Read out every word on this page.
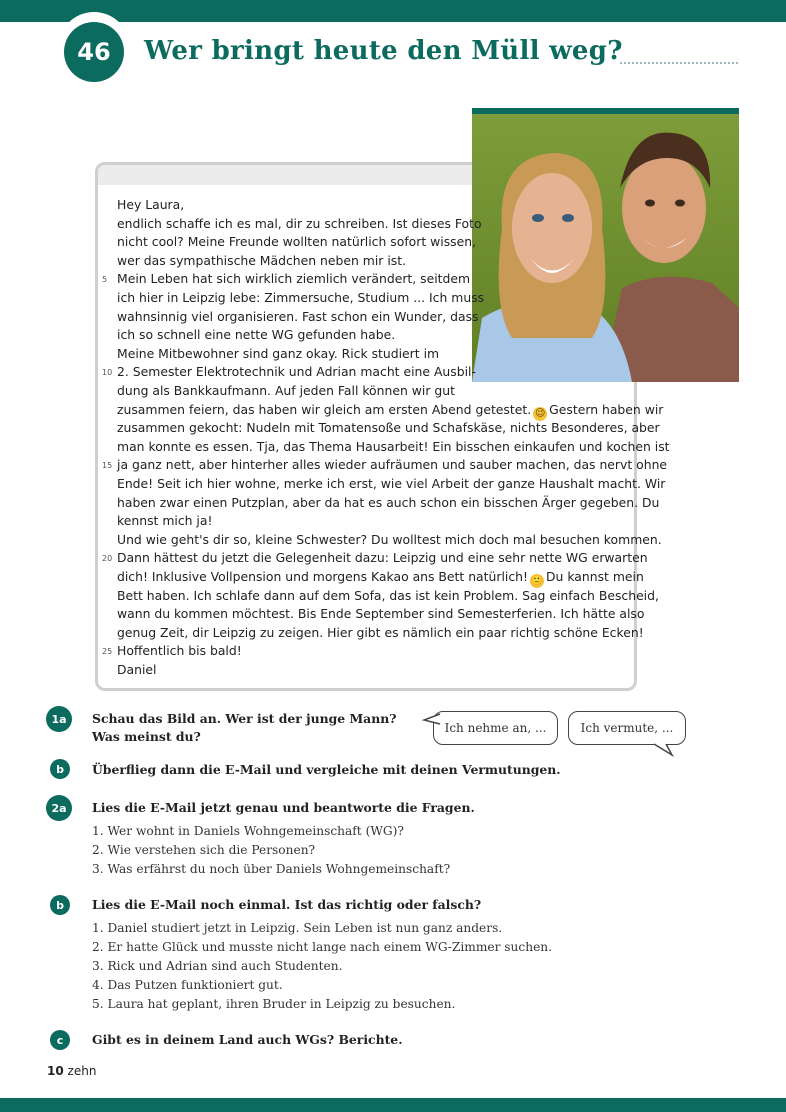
46	Wer bringt heute den Müll weg?
Hey Laura,
endlich schaffe ich es mal, dir zu schreiben. Ist dieses Foto
nicht cool? Meine Freunde wollten natürlich sofort wissen,
wer das sympathische Mädchen neben mir ist.
5 Mein Leben hat sich wirklich ziemlich verändert, seitdem
ich hier in Leipzig lebe: Zimmersuche, Studium ... Ich muss
wahnsinnig viel organisieren. Fast schon ein Wunder, dass
ich so schnell eine nette WG gefunden habe.
Meine Mitbewohner sind ganz okay. Rick studiert im
10 2. Semester Elektrotechnik und Adrian macht eine Ausbil-
dung als Bankkaufmann. Auf jeden Fall können wir gut
zusammen feiern, das haben wir gleich am ersten Abend getestet. 😉 Gestern haben wir
zusammen gekocht: Nudeln mit Tomatensoße und Schafskäse, nichts Besonderes, aber
man konnte es essen. Tja, das Thema Hausarbeit! Ein bisschen einkaufen und kochen ist
15 ja ganz nett, aber hinterher alles wieder aufräumen und sauber machen, das nervt ohne
Ende! Seit ich hier wohne, merke ich erst, wie viel Arbeit der ganze Haushalt macht. Wir
haben zwar einen Putzplan, aber da hat es auch schon ein bisschen Ärger gegeben. Du
kennst mich ja!
Und wie geht's dir so, kleine Schwester? Du wolltest mich doch mal besuchen kommen.
20 Dann hättest du jetzt die Gelegenheit dazu: Leipzig und eine sehr nette WG erwarten
dich! Inklusive Vollpension und morgens Kakao ans Bett natürlich! 🙂 Du kannst mein
Bett haben. Ich schlafe dann auf dem Sofa, das ist kein Problem. Sag einfach Bescheid,
wann du kommen möchtest. Bis Ende September sind Semesterferien. Ich hätte also
genug Zeit, dir Leipzig zu zeigen. Hier gibt es nämlich ein paar richtig schöne Ecken!
25 Hoffentlich bis bald!
Daniel
1a	Schau das Bild an. Wer ist der junge Mann?
Was meinst du?
Ich nehme an, ...	Ich vermute, ...
b	Überflieg dann die E-Mail und vergleiche mit deinen Vermutungen.
2a	Lies die E-Mail jetzt genau und beantworte die Fragen.
1. Wer wohnt in Daniels Wohngemeinschaft (WG)?
2. Wie verstehen sich die Personen?
3. Was erfährst du noch über Daniels Wohngemeinschaft?
b	Lies die E-Mail noch einmal. Ist das richtig oder falsch?
1. Daniel studiert jetzt in Leipzig. Sein Leben ist nun ganz anders.
2. Er hatte Glück und musste nicht lange nach einem WG-Zimmer suchen.
3. Rick und Adrian sind auch Studenten.
4. Das Putzen funktioniert gut.
5. Laura hat geplant, ihren Bruder in Leipzig zu besuchen.
c	Gibt es in deinem Land auch WGs? Berichte.
10 zehn
